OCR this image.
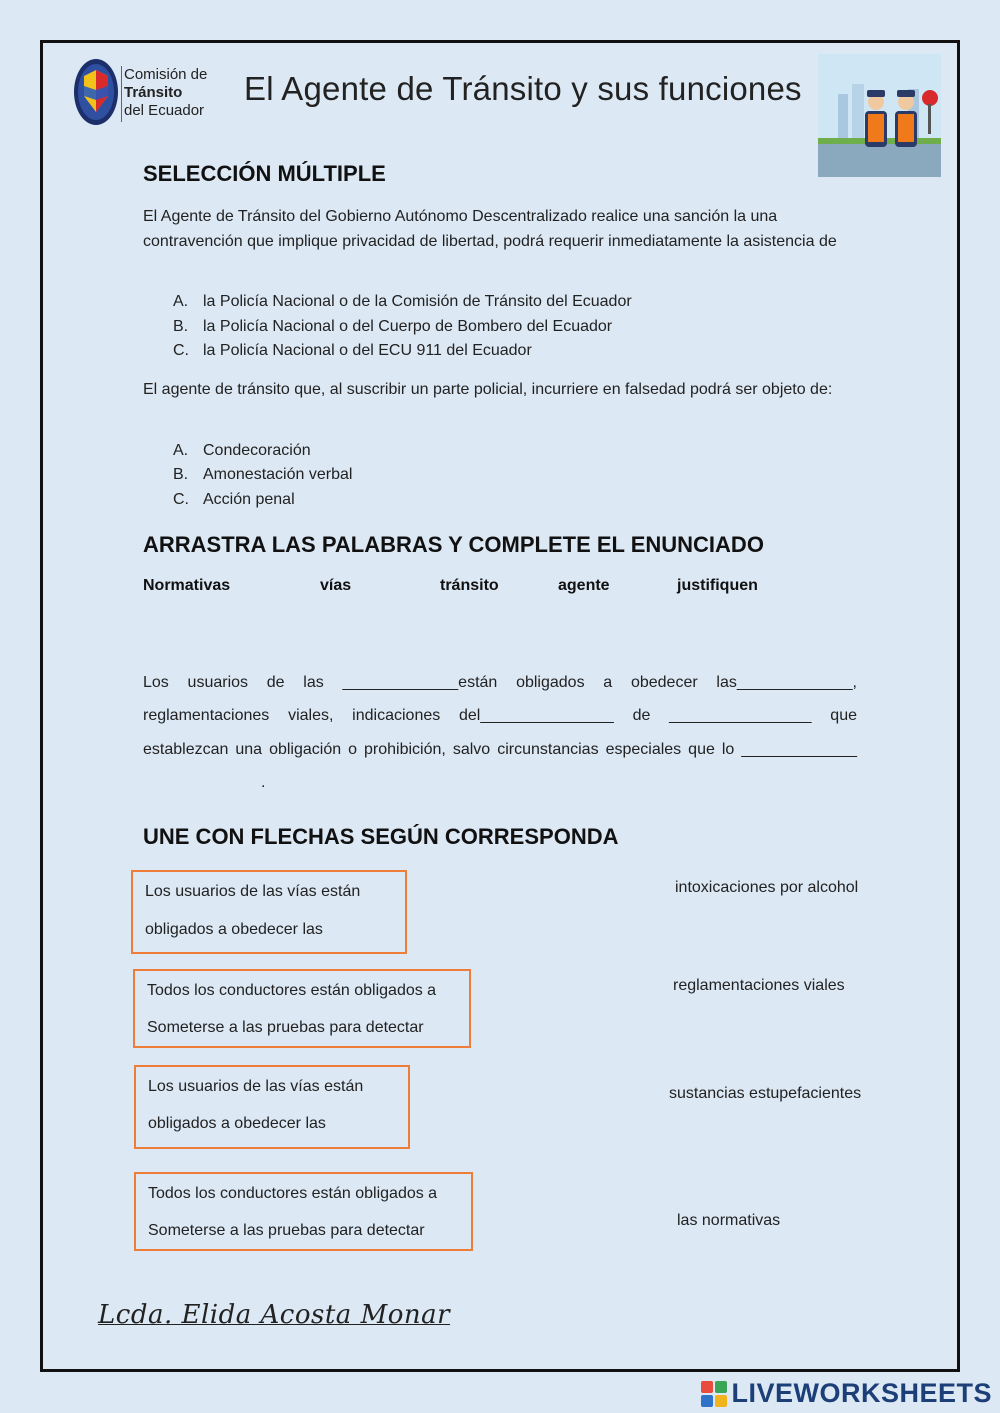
Comisión de
Tránsito
del Ecuador
El Agente de Tránsito y sus funciones
SELECCIÓN MÚLTIPLE
El Agente de Tránsito del Gobierno Autónomo Descentralizado realice una sanción la una contravención que implique privacidad de libertad, podrá requerir inmediatamente la asistencia de
A. la Policía Nacional o de la Comisión de Tránsito del Ecuador
B. la Policía Nacional o del Cuerpo de Bombero del Ecuador
C. la Policía Nacional o del ECU 911 del Ecuador
El agente de tránsito que, al suscribir un parte policial, incurriere en falsedad podrá ser objeto de:
A. Condecoración
B. Amonestación verbal
C. Acción penal
ARRASTRA LAS PALABRAS Y COMPLETE EL ENUNCIADO
Normativas	vías	tránsito	agente	justifiquen
Los usuarios de las _____________están obligados a obedecer las_____________,
reglamentaciones viales, indicaciones del_______________ de ________________ que
establezcan una obligación o prohibición, salvo circunstancias especiales que lo _____________
.
UNE CON FLECHAS SEGÚN CORRESPONDA
Los usuarios de las vías están
obligados a obedecer las
Todos los conductores están obligados a
Someterse a las pruebas para detectar
Los usuarios de las vías están
obligados a obedecer las
Todos los conductores están obligados a
Someterse a las pruebas para detectar
intoxicaciones por alcohol
reglamentaciones viales
sustancias estupefacientes
las normativas
Lcda. Elida Acosta Monar
LIVEWORKSHEETS
